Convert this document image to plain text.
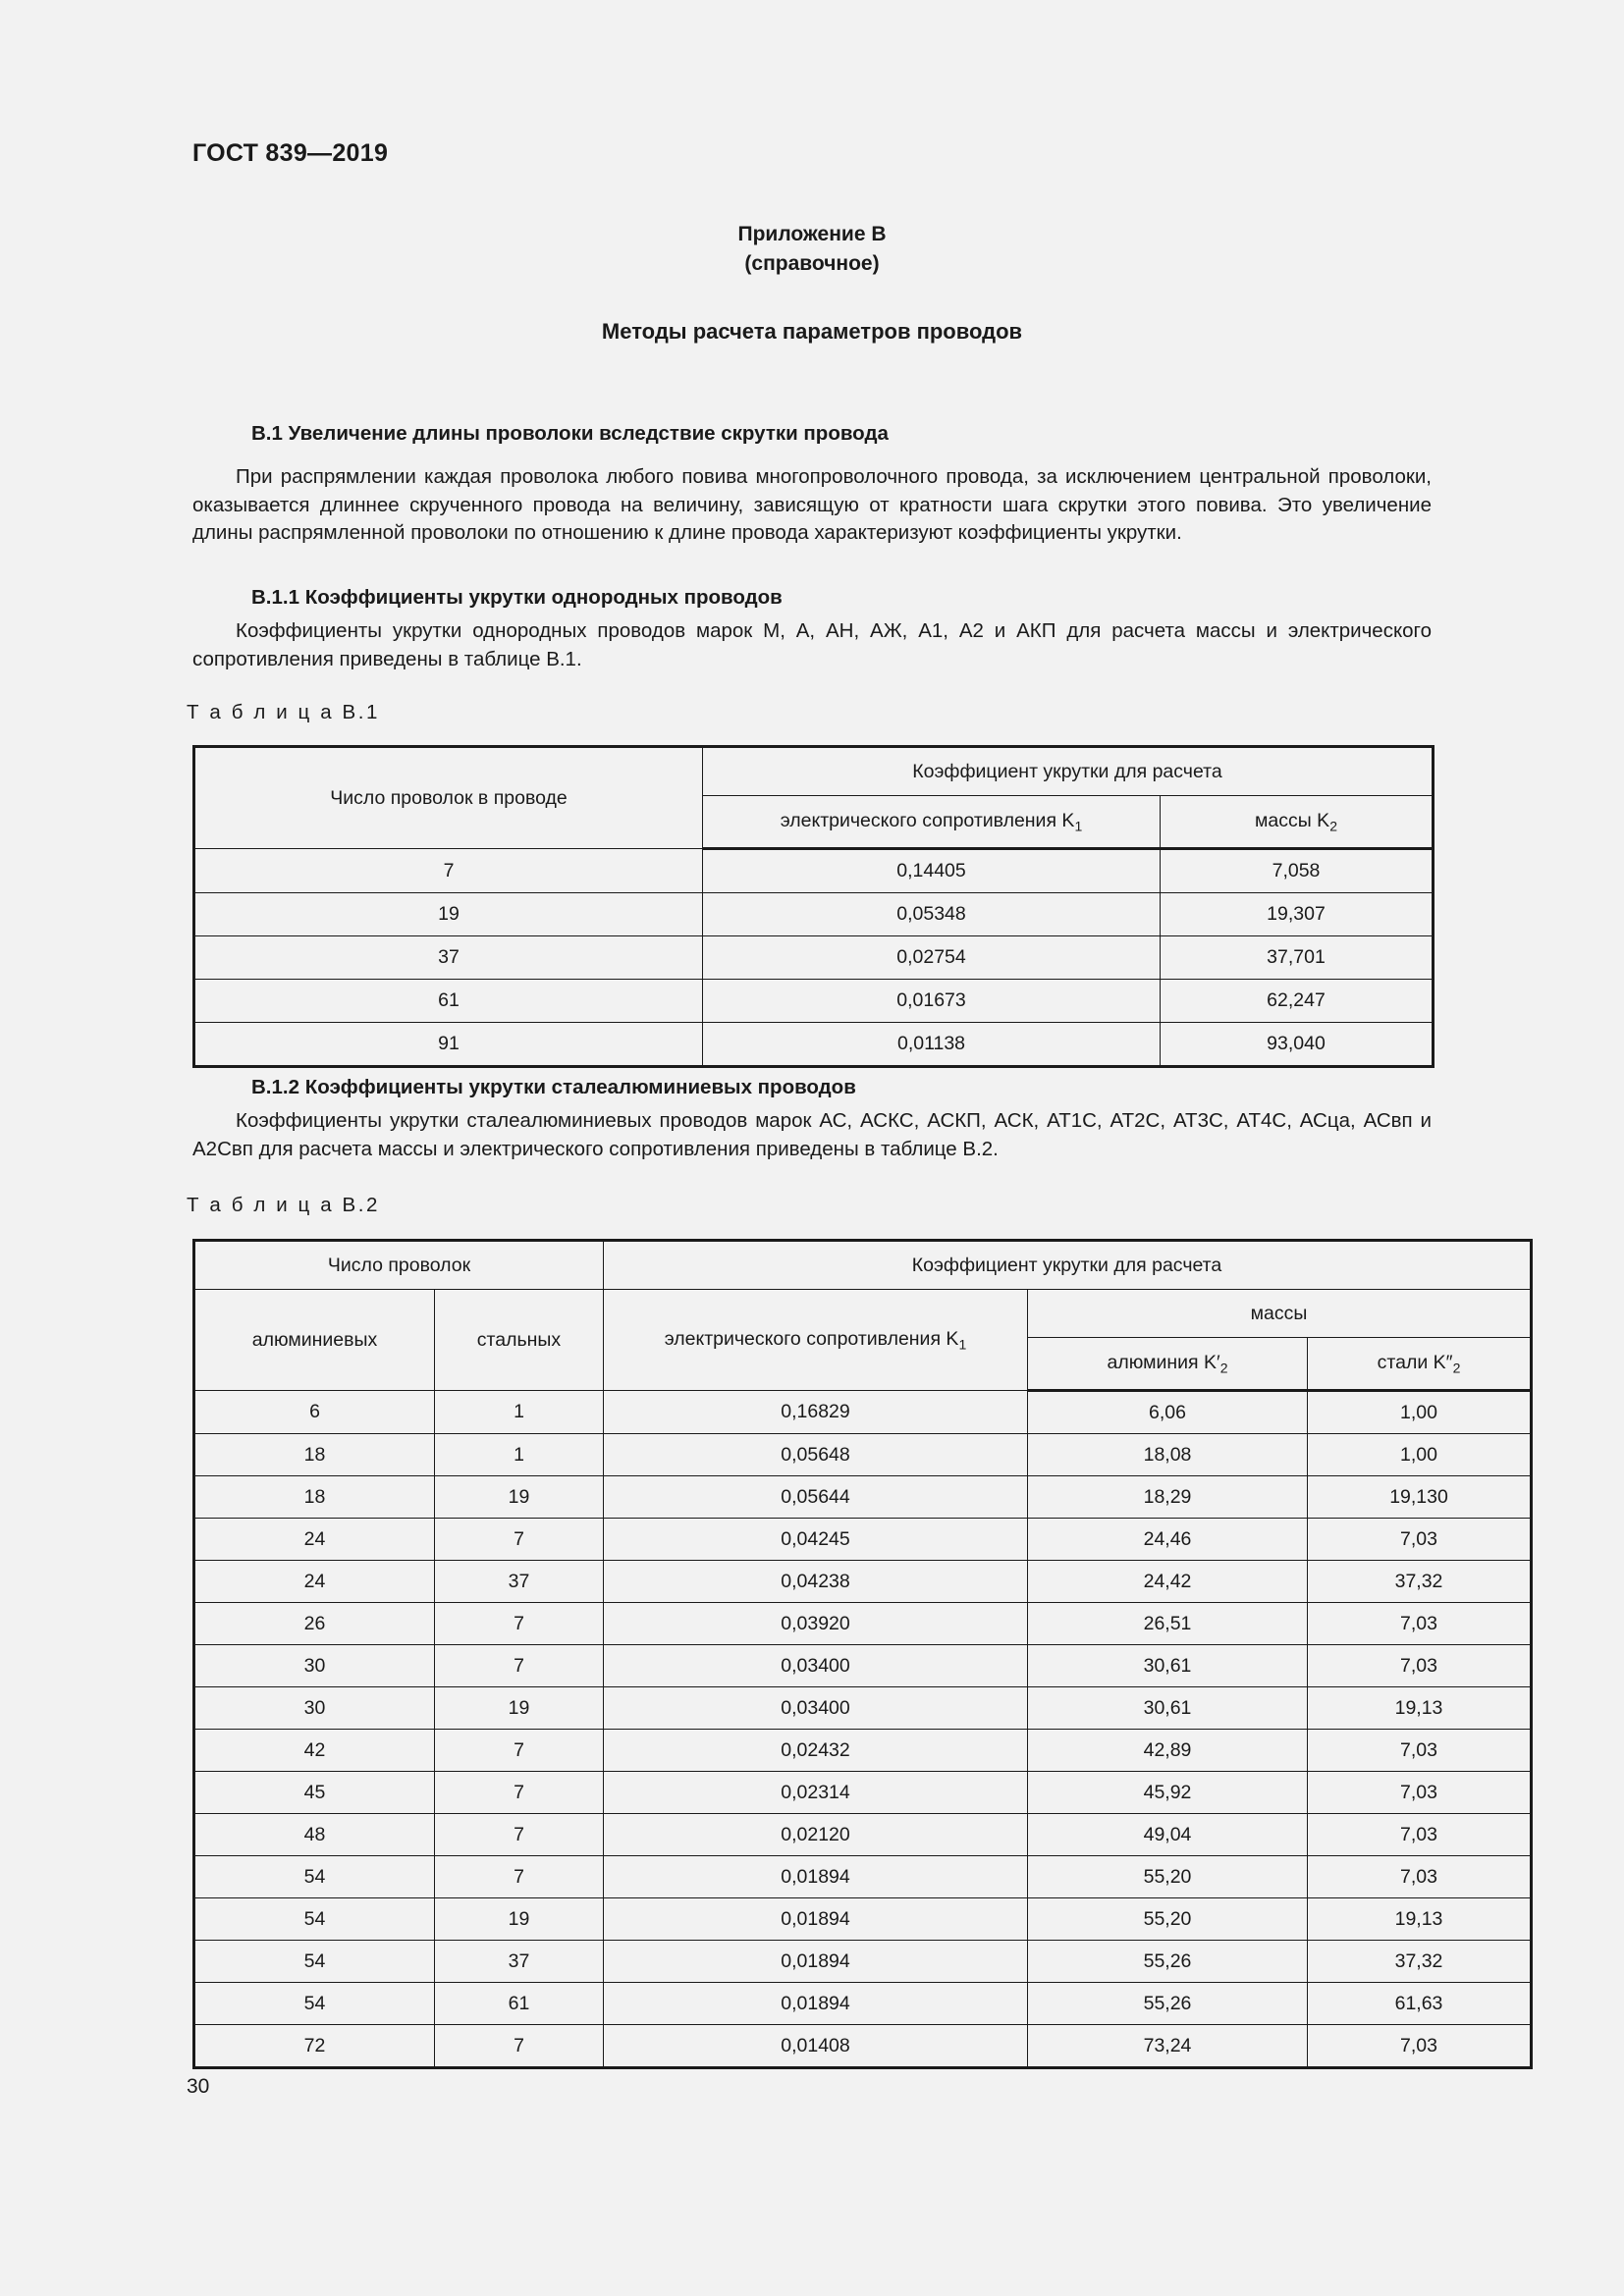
ГОСТ 839—2019
Приложение В
(справочное)
Методы расчета параметров проводов
В.1 Увеличение длины проволоки вследствие скрутки провода
При распрямлении каждая проволока любого повива многопроволочного провода, за исключением центральной проволоки, оказывается длиннее скрученного провода на величину, зависящую от кратности шага скрутки этого повива. Это увеличение длины распрямленной проволоки по отношению к длине провода характеризуют коэффициенты укрутки.
В.1.1 Коэффициенты укрутки однородных проводов
Коэффициенты укрутки однородных проводов марок М, А, АН, АЖ, А1, А2 и АКП для расчета массы и электрического сопротивления приведены в таблице В.1.
Т а б л и ц а В.1
Число проволок в проводе	Коэффициент укрутки для расчета	
	электрического сопротивления $K_1$	массы $K_2$
7	0,14405	7,058
19	0,05348	19,307
37	0,02754	37,701
61	0,01673	62,247
91	0,01138	93,040
В.1.2 Коэффициенты укрутки сталеалюминиевых проводов
Коэффициенты укрутки сталеалюминиевых проводов марок АС, АСКС, АСКП, АСК, АТ1С, АТ2С, АТ3С, АТ4С, АСца, АСвп и А2Свп для расчета массы и электрического сопротивления приведены в таблице В.2.
Т а б л и ц а В.2
Число проволок		Коэффициент укрутки для расчета		
алюминиевых	стальных	электрического сопротивления $K_1$	массы	
			алюминия $K'_2$	стали $K''_2$
6	1	0,16829	6,06	1,00
18	1	0,05648	18,08	1,00
18	19	0,05644	18,29	19,130
24	7	0,04245	24,46	7,03
24	37	0,04238	24,42	37,32
26	7	0,03920	26,51	7,03
30	7	0,03400	30,61	7,03
30	19	0,03400	30,61	19,13
42	7	0,02432	42,89	7,03
45	7	0,02314	45,92	7,03
48	7	0,02120	49,04	7,03
54	7	0,01894	55,20	7,03
54	19	0,01894	55,20	19,13
54	37	0,01894	55,26	37,32
54	61	0,01894	55,26	61,63
72	7	0,01408	73,24	7,03
30
